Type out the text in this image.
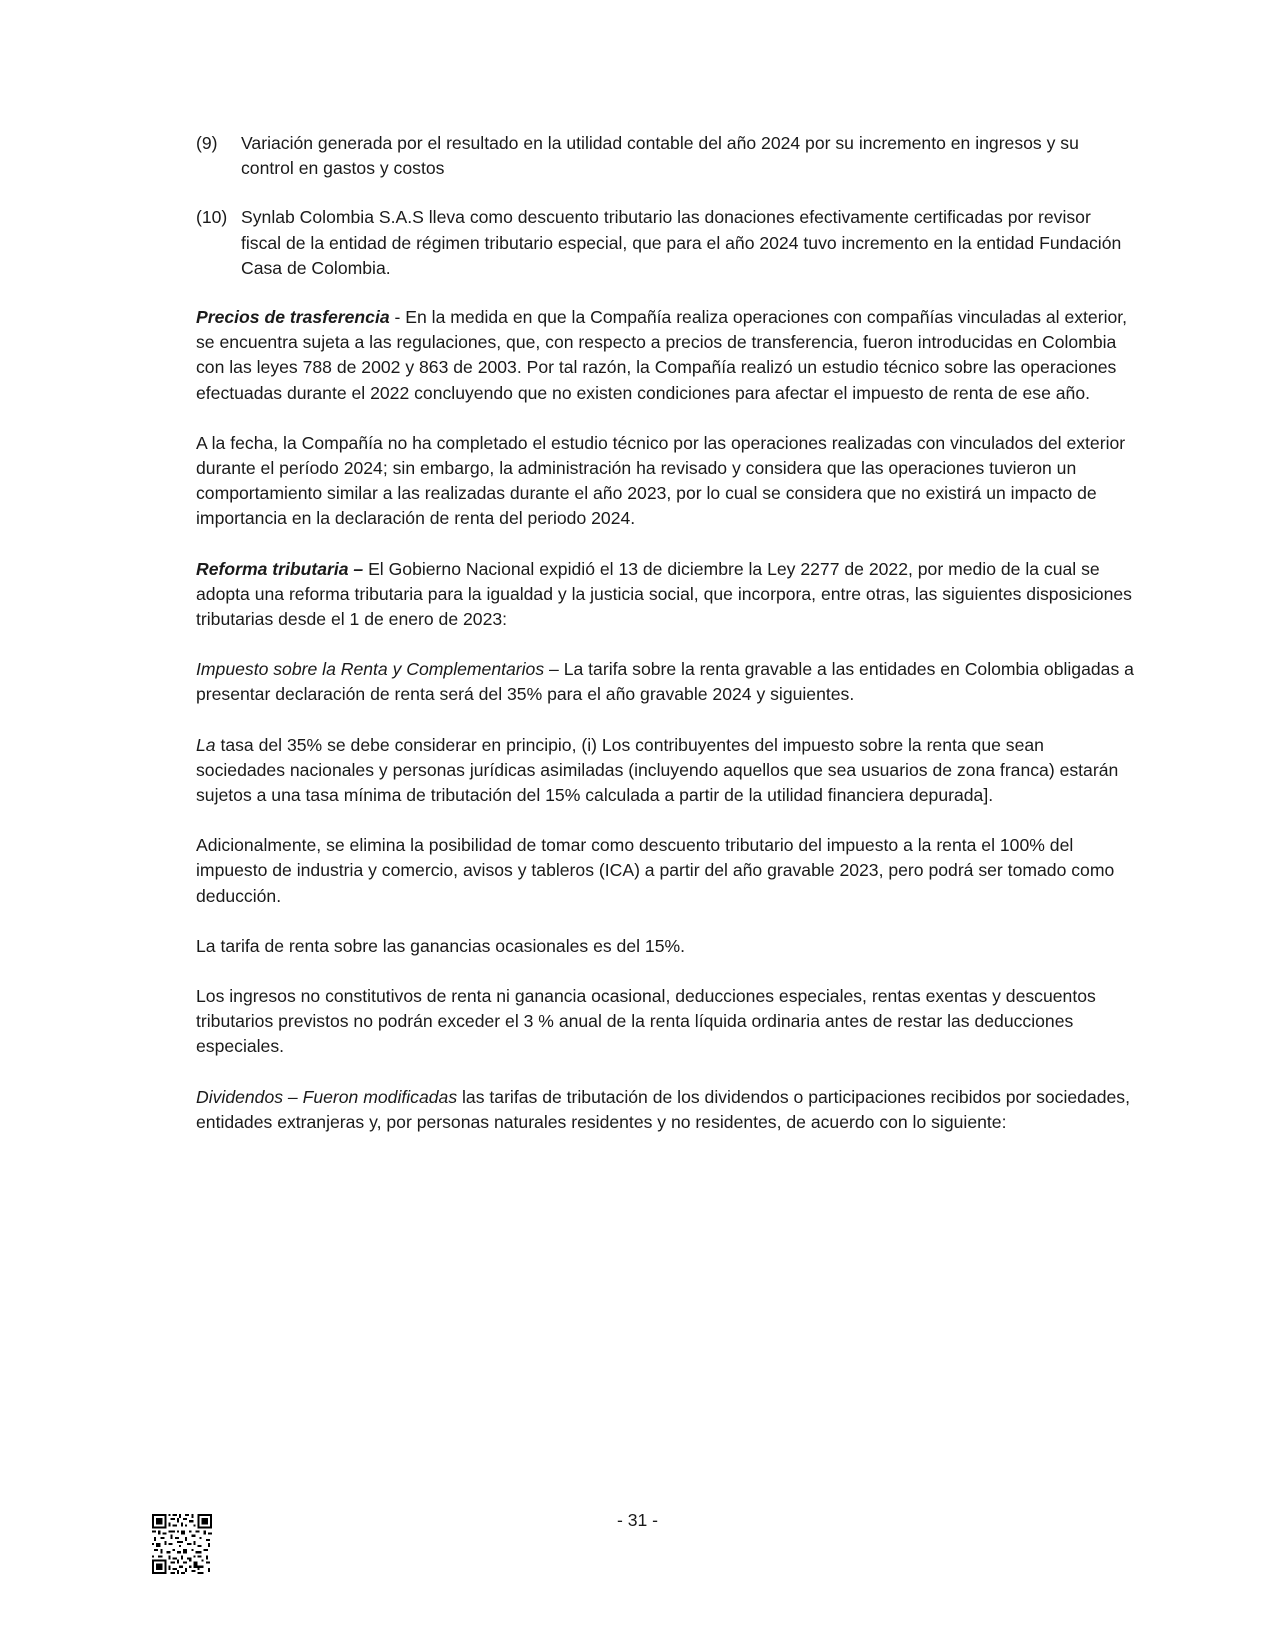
(9)	Variación generada por el resultado en la utilidad contable del año 2024 por su incremento en ingresos y su control en gastos y costos
(10) Synlab Colombia S.A.S lleva como descuento tributario las donaciones efectivamente certificadas por revisor fiscal de la entidad de régimen tributario especial, que para el año 2024 tuvo incremento en la entidad Fundación Casa de Colombia.

Precios de trasferencia - En la medida en que la Compañía realiza operaciones con compañías vinculadas al exterior, se encuentra sujeta a las regulaciones, que, con respecto a precios de transferencia, fueron introducidas en Colombia con las leyes 788 de 2002 y 863 de 2003. Por tal razón, la Compañía realizó un estudio técnico sobre las operaciones efectuadas durante el 2022 concluyendo que no existen condiciones para afectar el impuesto de renta de ese año.

A la fecha, la Compañía no ha completado el estudio técnico por las operaciones realizadas con vinculados del exterior durante el período 2024; sin embargo, la administración ha revisado y considera que las operaciones tuvieron un comportamiento similar a las realizadas durante el año 2023, por lo cual se considera que no existirá un impacto de importancia en la declaración de renta del periodo 2024.

Reforma tributaria – El Gobierno Nacional expidió el 13 de diciembre la Ley 2277 de 2022, por medio de la cual se adopta una reforma tributaria para la igualdad y la justicia social, que incorpora, entre otras, las siguientes disposiciones tributarias desde el 1 de enero de 2023:

Impuesto sobre la Renta y Complementarios – La tarifa sobre la renta gravable a las entidades en Colombia obligadas a presentar declaración de renta será del 35% para el año gravable 2024 y siguientes.

La tasa del 35% se debe considerar en principio, (i) Los contribuyentes del impuesto sobre la renta que sean sociedades nacionales y personas jurídicas asimiladas (incluyendo aquellos que sea usuarios de zona franca) estarán sujetos a una tasa mínima de tributación del 15% calculada a partir de la utilidad financiera depurada].

Adicionalmente, se elimina la posibilidad de tomar como descuento tributario del impuesto a la renta el 100% del impuesto de industria y comercio, avisos y tableros (ICA) a partir del año gravable 2023, pero podrá ser tomado como deducción.

La tarifa de renta sobre las ganancias ocasionales es del 15%.

Los ingresos no constitutivos de renta ni ganancia ocasional, deducciones especiales, rentas exentas y descuentos tributarios previstos no podrán exceder el 3 % anual de la renta líquida ordinaria antes de restar las deducciones especiales.

Dividendos – Fueron modificadas las tarifas de tributación de los dividendos o participaciones recibidos por sociedades, entidades extranjeras y, por personas naturales residentes y no residentes, de acuerdo con lo siguiente:

- 31 -
